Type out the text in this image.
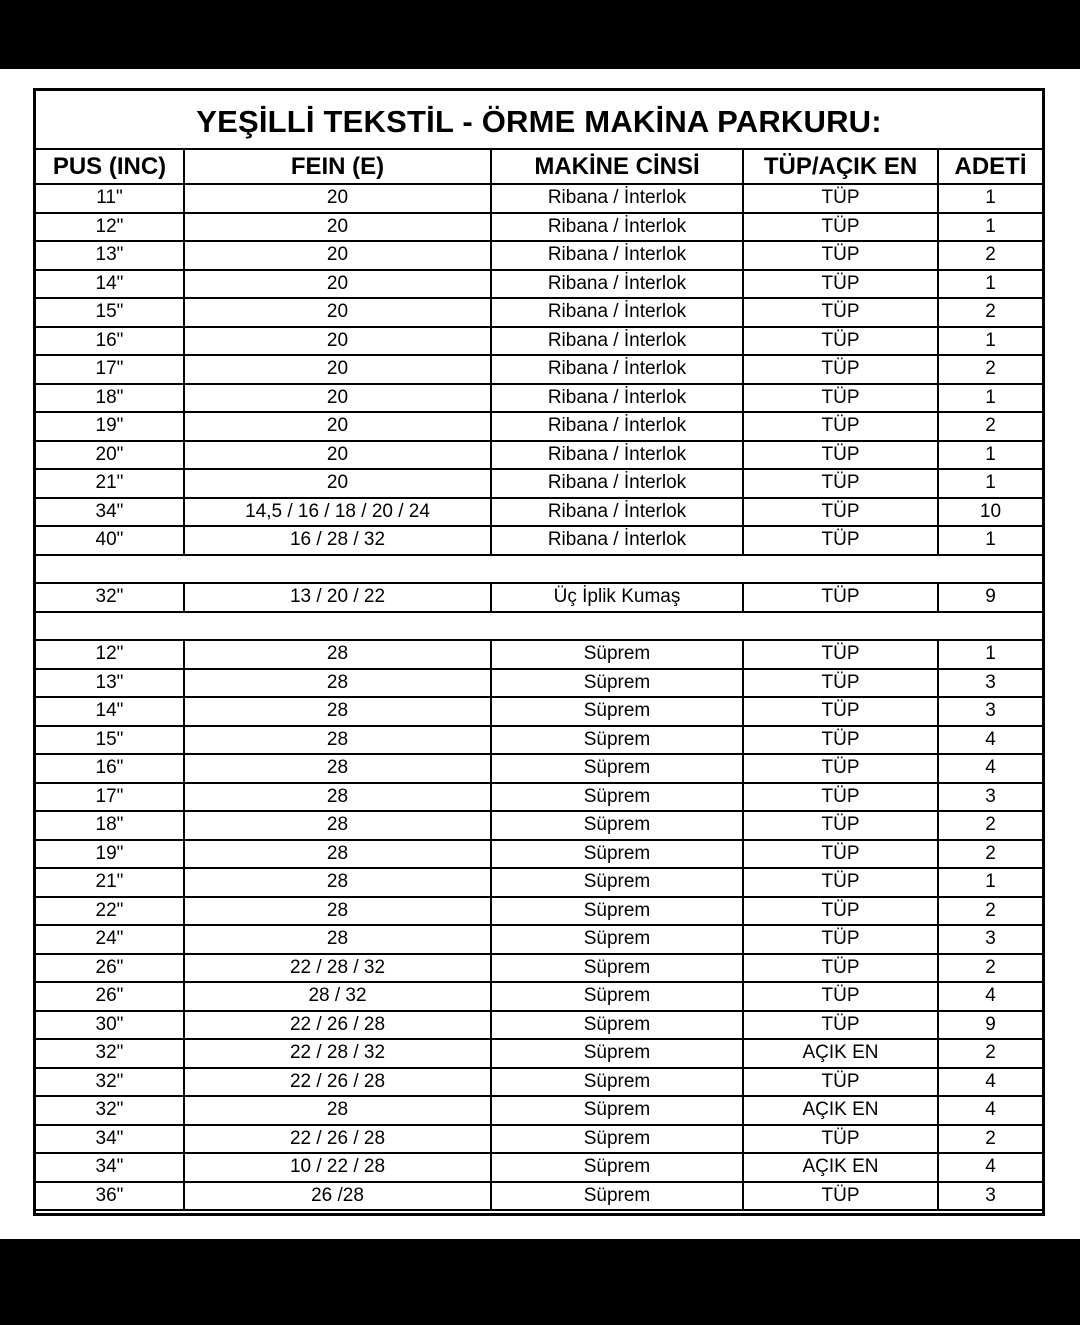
YEŞİLLİ TEKSTİL - ÖRME MAKİNA PARKURU:
PUS (INC)	FEIN (E)	MAKİNE CİNSİ	TÜP/AÇIK EN	ADETİ
11"	20	Ribana / İnterlok	TÜP	1
12"	20	Ribana / İnterlok	TÜP	1
13"	20	Ribana / İnterlok	TÜP	2
14"	20	Ribana / İnterlok	TÜP	1
15"	20	Ribana / İnterlok	TÜP	2
16"	20	Ribana / İnterlok	TÜP	1
17"	20	Ribana / İnterlok	TÜP	2
18"	20	Ribana / İnterlok	TÜP	1
19"	20	Ribana / İnterlok	TÜP	2
20"	20	Ribana / İnterlok	TÜP	1
21"	20	Ribana / İnterlok	TÜP	1
34"	14,5 / 16 / 18 / 20 / 24	Ribana / İnterlok	TÜP	10
40"	16 / 28 / 32	Ribana / İnterlok	TÜP	1

32"	13 / 20 / 22	Üç İplik Kumaş	TÜP	9

12"	28	Süprem	TÜP	1
13"	28	Süprem	TÜP	3
14"	28	Süprem	TÜP	3
15"	28	Süprem	TÜP	4
16"	28	Süprem	TÜP	4
17"	28	Süprem	TÜP	3
18"	28	Süprem	TÜP	2
19"	28	Süprem	TÜP	2
21"	28	Süprem	TÜP	1
22"	28	Süprem	TÜP	2
24"	28	Süprem	TÜP	3
26"	22 / 28 / 32	Süprem	TÜP	2
26"	28 / 32	Süprem	TÜP	4
30"	22 / 26 / 28	Süprem	TÜP	9
32"	22 / 28 / 32	Süprem	AÇIK EN	2
32"	22 / 26 / 28	Süprem	TÜP	4
32"	28	Süprem	AÇIK EN	4
34"	22 / 26 / 28	Süprem	TÜP	2
34"	10 / 22 / 28	Süprem	AÇIK EN	4
36"	26 /28	Süprem	TÜP	3
